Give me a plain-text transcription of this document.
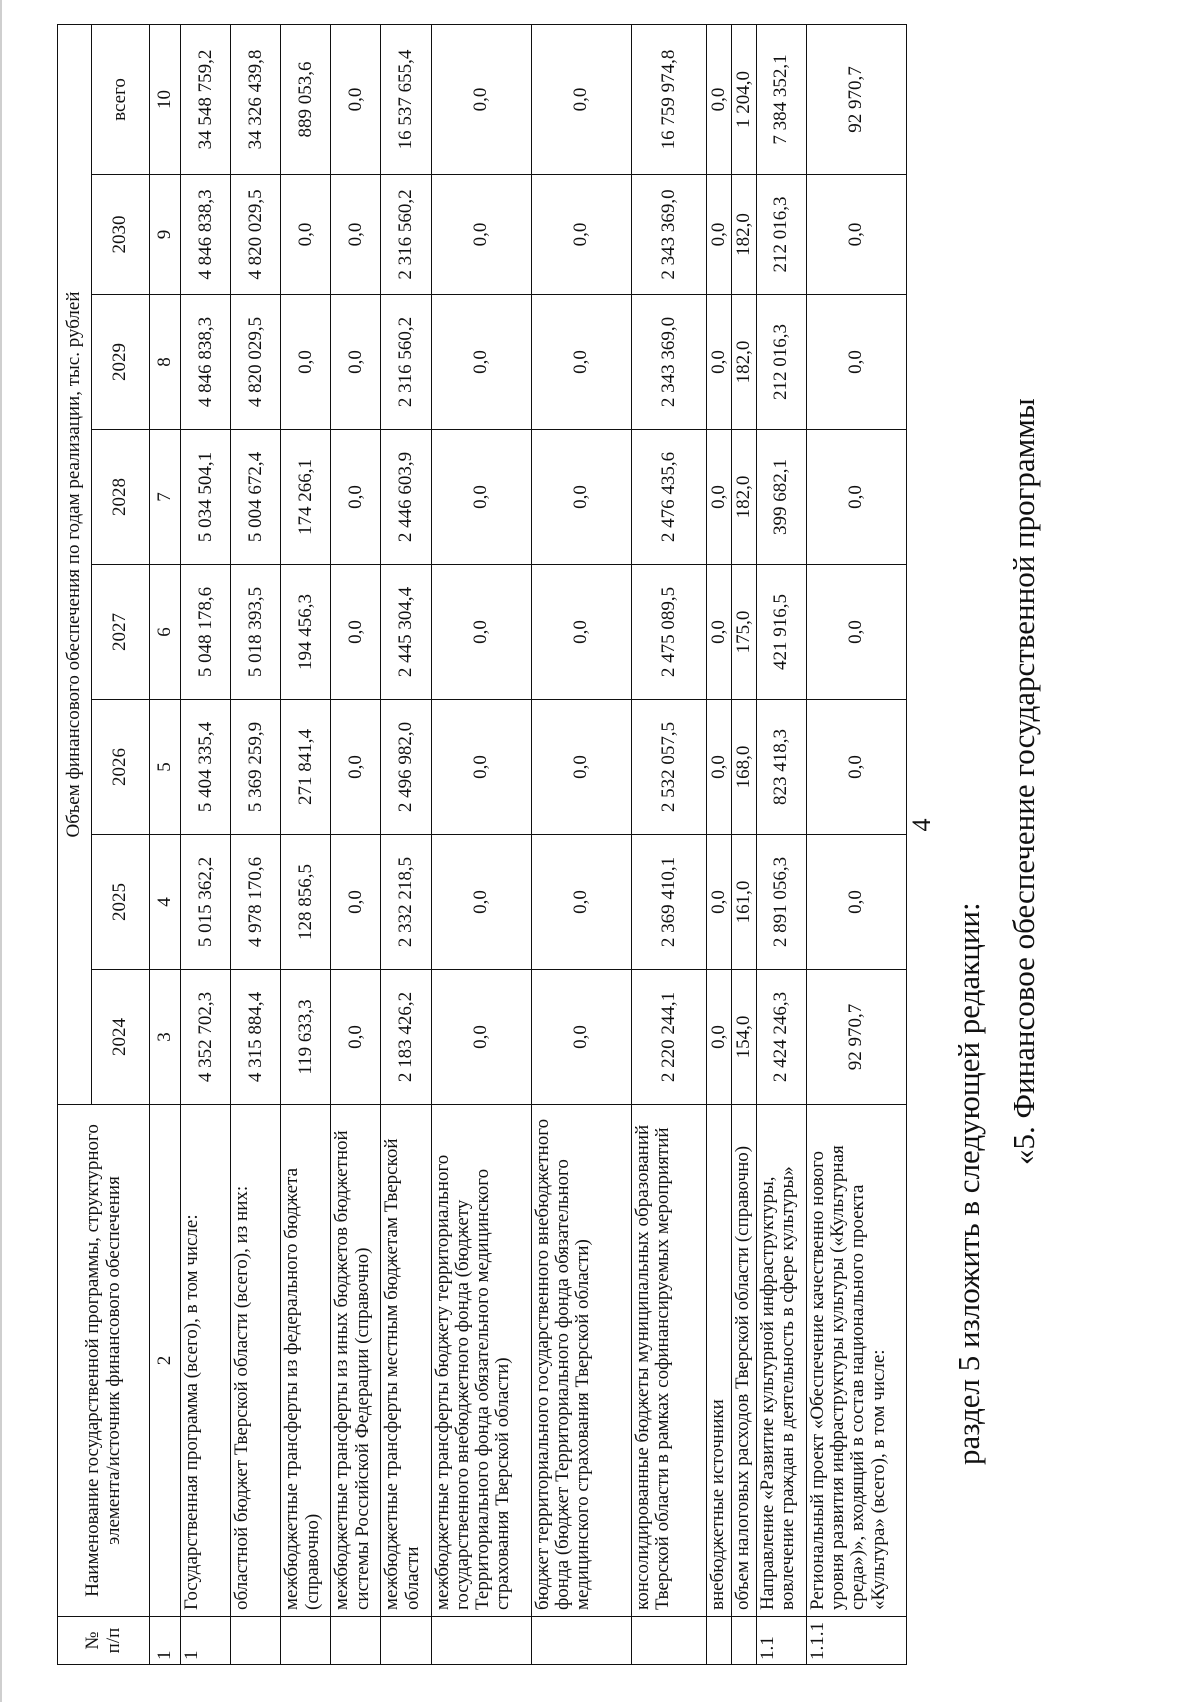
4
раздел 5 изложить в следующей редакции:
«5. Финансовое обеспечение государственной программы
№ п/п	Наименование государственной программы, структурного элемента/источник финансового обеспечения	Объем финансового обеспечения по годам реализации, тыс. рублей							
		2024	2025	2026	2027	2028	2029	2030	всего
1	2	3	4	5	6	7	8	9	10
1	Государственная программа (всего), в том числе:	4 352 702,3	5 015 362,2	5 404 335,4	5 048 178,6	5 034 504,1	4 846 838,3	4 846 838,3	34 548 759,2
	областной бюджет Тверской области (всего), из них:	4 315 884,4	4 978 170,6	5 369 259,9	5 018 393,5	5 004 672,4	4 820 029,5	4 820 029,5	34 326 439,8
	межбюджетные трансферты из федерального бюджета (справочно)	119 633,3	128 856,5	271 841,4	194 456,3	174 266,1	0,0	0,0	889 053,6
	межбюджетные трансферты из иных бюджетов бюджетной системы Российской Федерации (справочно)	0,0	0,0	0,0	0,0	0,0	0,0	0,0	0,0
	межбюджетные трансферты местным бюджетам Тверской области	2 183 426,2	2 332 218,5	2 496 982,0	2 445 304,4	2 446 603,9	2 316 560,2	2 316 560,2	16 537 655,4
	межбюджетные трансферты бюджету территориального государственного внебюджетного фонда (бюджету Территориального фонда обязательного медицинского страхования Тверской области)	0,0	0,0	0,0	0,0	0,0	0,0	0,0	0,0
	бюджет территориального государственного внебюджетного фонда (бюджет Территориального фонда обязательного медицинского страхования Тверской области)	0,0	0,0	0,0	0,0	0,0	0,0	0,0	0,0
	консолидированные бюджеты муниципальных образований Тверской области в рамках софинансируемых мероприятий	2 220 244,1	2 369 410,1	2 532 057,5	2 475 089,5	2 476 435,6	2 343 369,0	2 343 369,0	16 759 974,8
	внебюджетные источники	0,0	0,0	0,0	0,0	0,0	0,0	0,0	0,0
	объем налоговых расходов Тверской области (справочно)	154,0	161,0	168,0	175,0	182,0	182,0	182,0	1 204,0
1.1	Направление «Развитие культурной инфраструктуры, вовлечение граждан в деятельность в сфере культуры»	2 424 246,3	2 891 056,3	823 418,3	421 916,5	399 682,1	212 016,3	212 016,3	7 384 352,1
1.1.1	Региональный проект «Обеспечение качественно нового уровня развития инфраструктуры культуры («Культурная среда»)», входящий в состав национального проекта «Культура» (всего), в том числе:	92 970,7	0,0	0,0	0,0	0,0	0,0	0,0	92 970,7
